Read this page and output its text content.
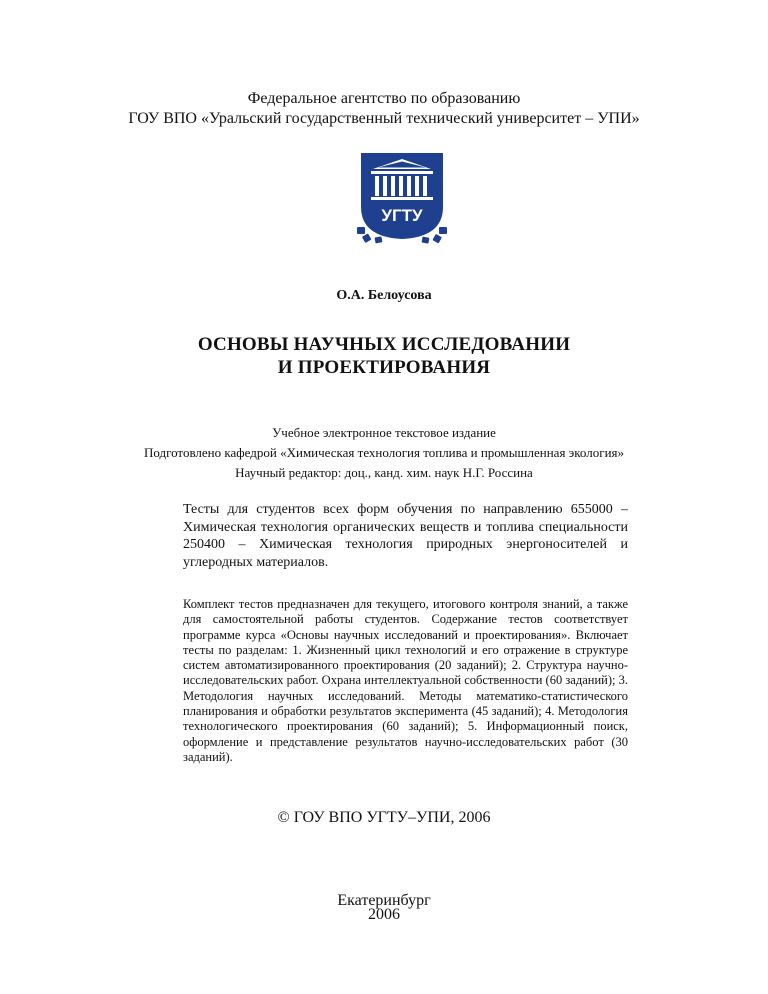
Федеральное агентство по образованию
ГОУ ВПО «Уральский государственный технический университет – УПИ»
УГТУ
О.А. Белоусова
ОСНОВЫ НАУЧНЫХ ИССЛЕДОВАНИИ
И ПРОЕКТИРОВАНИЯ
Учебное электронное текстовое издание
Подготовлено кафедрой «Химическая технология топлива и промышленная экология»
Научный редактор: доц., канд. хим. наук Н.Г. Россина
Тесты для студентов всех форм обучения по направлению 655000 – Химическая технология органических веществ и топлива специальности 250400 – Химическая технология природных энергоносителей и углеродных материалов.
Комплект тестов предназначен для текущего, итогового контроля знаний, а также для самостоятельной работы студентов. Содержание тестов соответствует программе курса «Основы научных исследований и проектирования». Включает тесты по разделам: 1. Жизненный цикл технологий и его отражение в структуре систем автоматизированного проектирования (20 заданий); 2. Структура научно-исследовательских работ. Охрана интеллектуальной собственности (60 заданий); 3. Методология научных исследований. Методы математико-статистического планирования и обработки результатов эксперимента (45 заданий); 4. Методология технологического проектирования (60 заданий); 5. Информационный поиск, оформление и представление результатов научно-исследовательских работ (30 заданий).
© ГОУ ВПО УГТУ–УПИ, 2006
Екатеринбург
2006
